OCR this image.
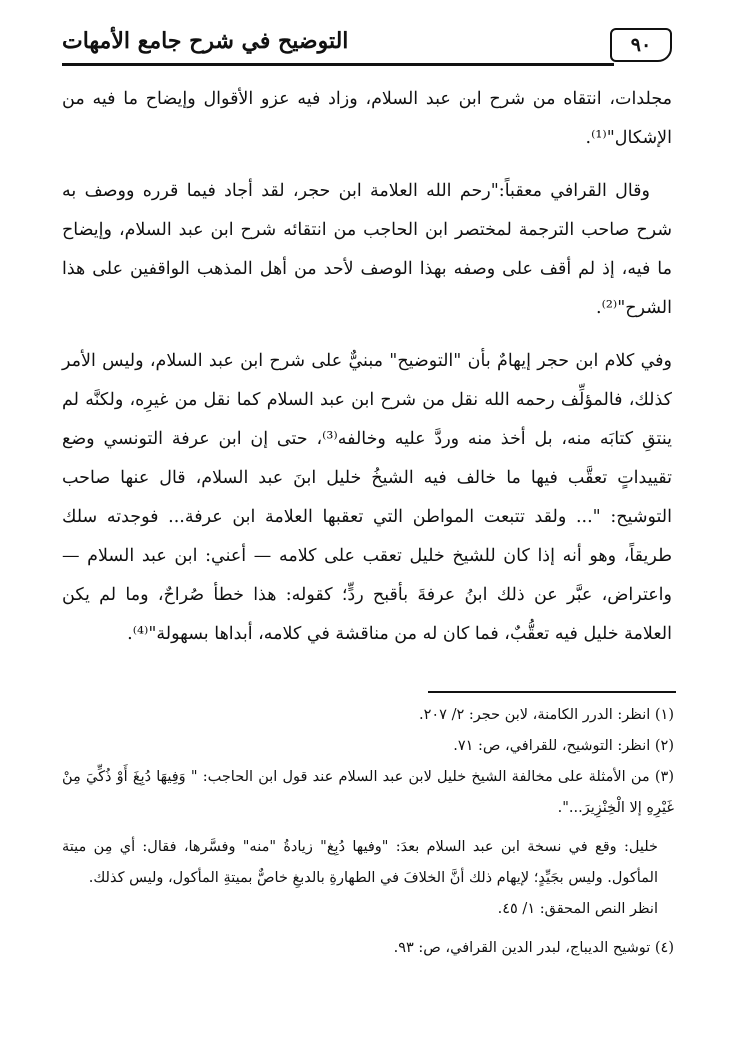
٩٠
التوضيح في شرح جامع الأمهات

مجلدات، انتقاه من شرح ابن عبد السلام، وزاد فيه عزو الأقوال وإيضاح ما فيه من الإشكال"⁽¹⁾.

وقال القرافي معقباً:"رحم الله العلامة ابن حجر، لقد أجاد فيما قرره ووصف به شرح صاحب الترجمة لمختصر ابن الحاجب من انتقائه شرح ابن عبد السلام، وإيضاح ما فيه، إذ لم أقف على وصفه بهذا الوصف لأحد من أهل المذهب الواقفين على هذا الشرح"⁽²⁾.

وفي كلام ابن حجر إيهامٌ بأن "التوضيح" مبنيٌّ على شرح ابن عبد السلام، وليس الأمر كذلك، فالمؤلِّف رحمه الله نقل من شرح ابن عبد السلام كما نقل من غيرِه، ولكنَّه لم ينتقِ كتابَه منه، بل أخذ منه وردَّ عليه وخالفه⁽³⁾، حتى إن ابن عرفة التونسي وضع تقييداتٍ تعقَّب فيها ما خالف فيه الشيخُ خليل ابنَ عبد السلام، قال عنها صاحب التوشيح: "... ولقد تتبعت المواطن التي تعقبها العلامة ابن عرفة... فوجدته سلك طريقاً، وهو أنه إذا كان للشيخ خليل تعقب على كلامه — أعني: ابن عبد السلام — واعتراض، عبَّر عن ذلك ابنُ عرفةَ بأقبح ردٍّ؛ كقوله: هذا خطأ صُراحٌ، وما لم يكن العلامة خليل فيه تعقُّبٌ، فما كان له من مناقشة في كلامه، أبداها بسهولة"⁽⁴⁾.

(١) انظر: الدرر الكامنة، لابن حجر: ٢/ ٢٠٧.

(٢) انظر: التوشيح، للقرافي، ص: ٧١.

(٣) من الأمثلة على مخالفة الشيخ خليل لابن عبد السلام عند قول ابن الحاجب: " وَفِيهَا دُبِغَ أَوْ ذُكِّيَ مِنْ غَيْرِهِ إلا الْخِنْزِيرَ...".

خليل: وقع في نسخة ابن عبد السلام بعدَ: "وفيها دُبِغ" زيادةُ "منه" وفسَّرها، فقال: أي مِن ميتة المأكول. وليس بجَيِّدٍ؛ لإيهام ذلك أنَّ الخلافَ في الطهارةِ بالدبغِ خاصٌّ بميتةِ المأكول، وليس كذلك.

انظر النص المحقق: ١/ ٤٥.

(٤) توشيح الديباج، لبدر الدين القرافي، ص: ٩٣.
